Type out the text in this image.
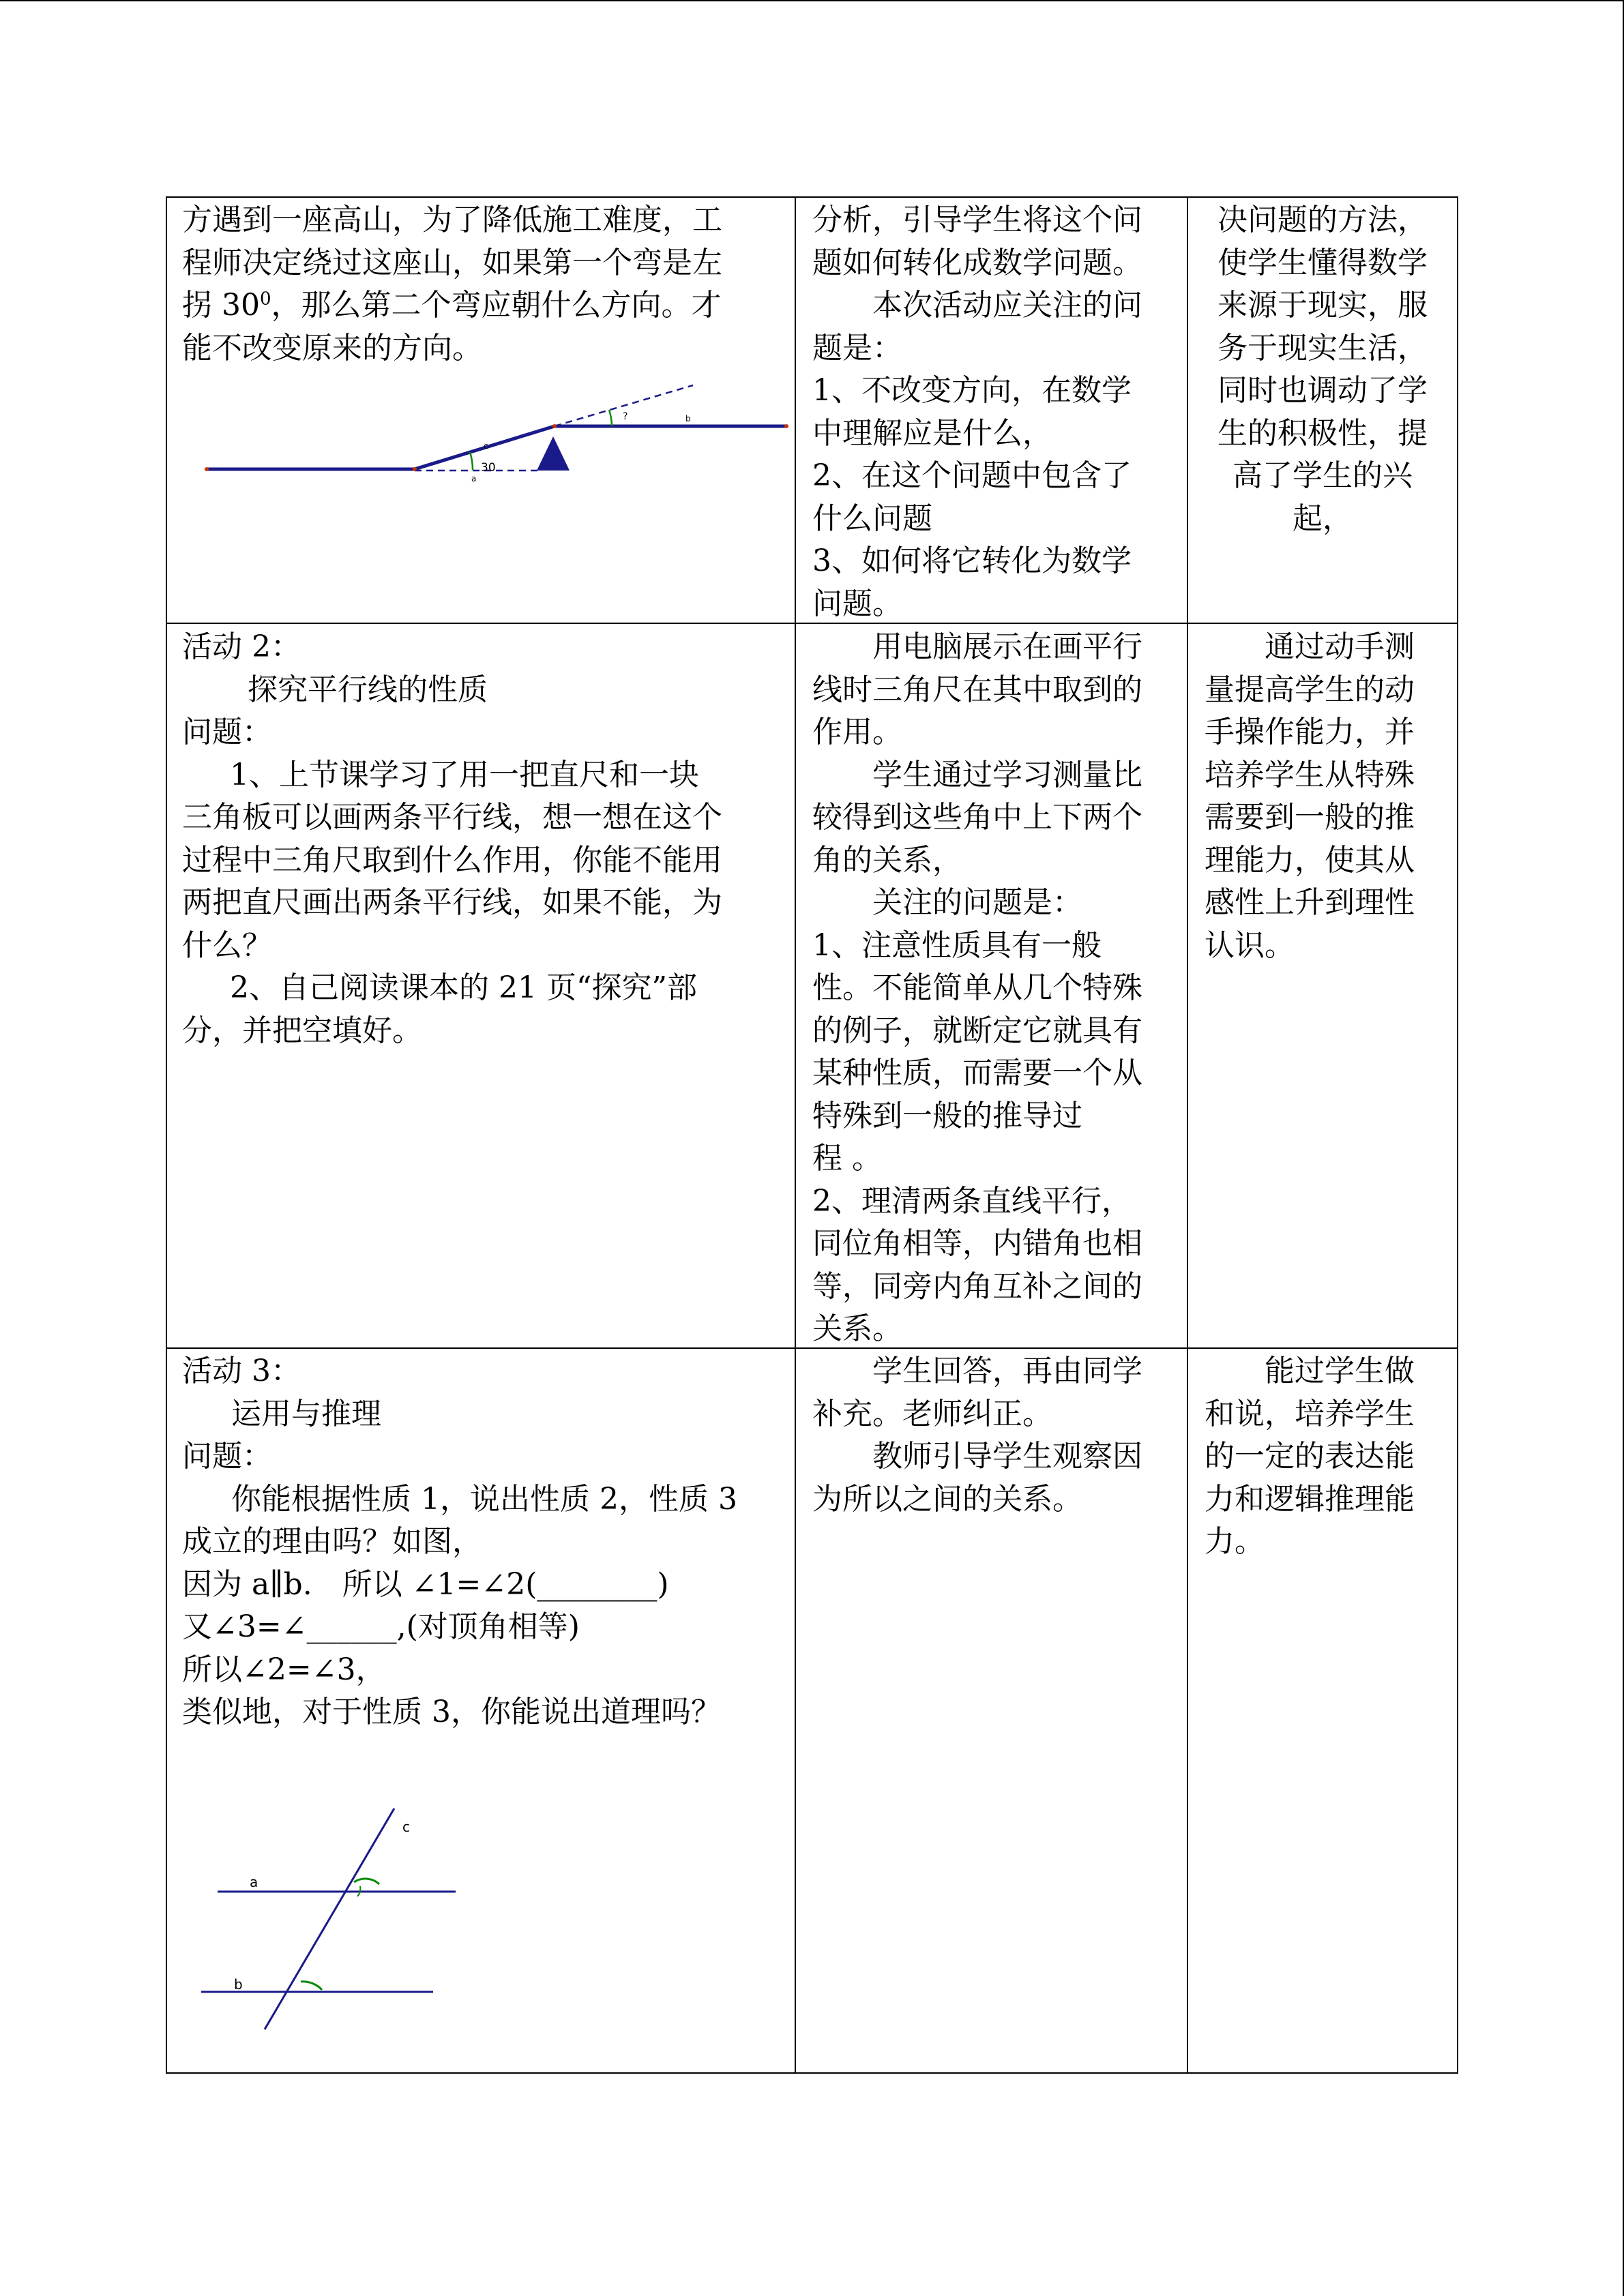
方遇到一座高山，为了降低施工难度，工

程师决定绕过这座山，如果第一个弯是左

拐 $30^0$，那么第二个弯应朝什么方向。才

能不改变原来的方向。

a
c
b
30
?

分析，引导学生将这个问

题如何转化成数学问题。

本次活动应关注的问

题是：

1、不改变方向，在数学

中理解应是什么，

2、在这个问题中包含了

什么问题

3、如何将它转化为数学

问题。

决问题的方法，

使学生懂得数学

来源于现实，服

务于现实生活，

同时也调动了学

生的积极性，提

高了学生的兴

起，

活动 2：

探究平行线的性质

问题：

1、上节课学习了用一把直尺和一块

三角板可以画两条平行线，想一想在这个

过程中三角尺取到什么作用，你能不能用

两把直尺画出两条平行线，如果不能，为

什么？

2、自己阅读课本的 21 页“探究”部

分，并把空填好。

用电脑展示在画平行

线时三角尺在其中取到的

作用。

学生通过学习测量比

较得到这些角中上下两个

角的关系，

关注的问题是：

1、注意性质具有一般

性。不能简单从几个特殊

的例子，就断定它就具有

某种性质，而需要一个从

特殊到一般的推导过

程 。

2、理清两条直线平行，

同位角相等，内错角也相

等，同旁内角互补之间的

关系。

通过动手测

量提高学生的动

手操作能力，并

培养学生从特殊

需要到一般的推

理能力，使其从

感性上升到理性

认识。

活动 3：

运用与推理

问题：

你能根据性质 1，说出性质 2，性质 3

成立的理由吗？如图，

因为 a∥b.　所以 ∠1=∠2(________)

又∠3=∠______,(对顶角相等)

所以∠2=∠3，

类似地，对于性质 3，你能说出道理吗？

a
b
c

学生回答，再由同学

补充。老师纠正。

教师引导学生观察因

为所以之间的关系。

能过学生做

和说，培养学生

的一定的表达能

力和逻辑推理能

力。
